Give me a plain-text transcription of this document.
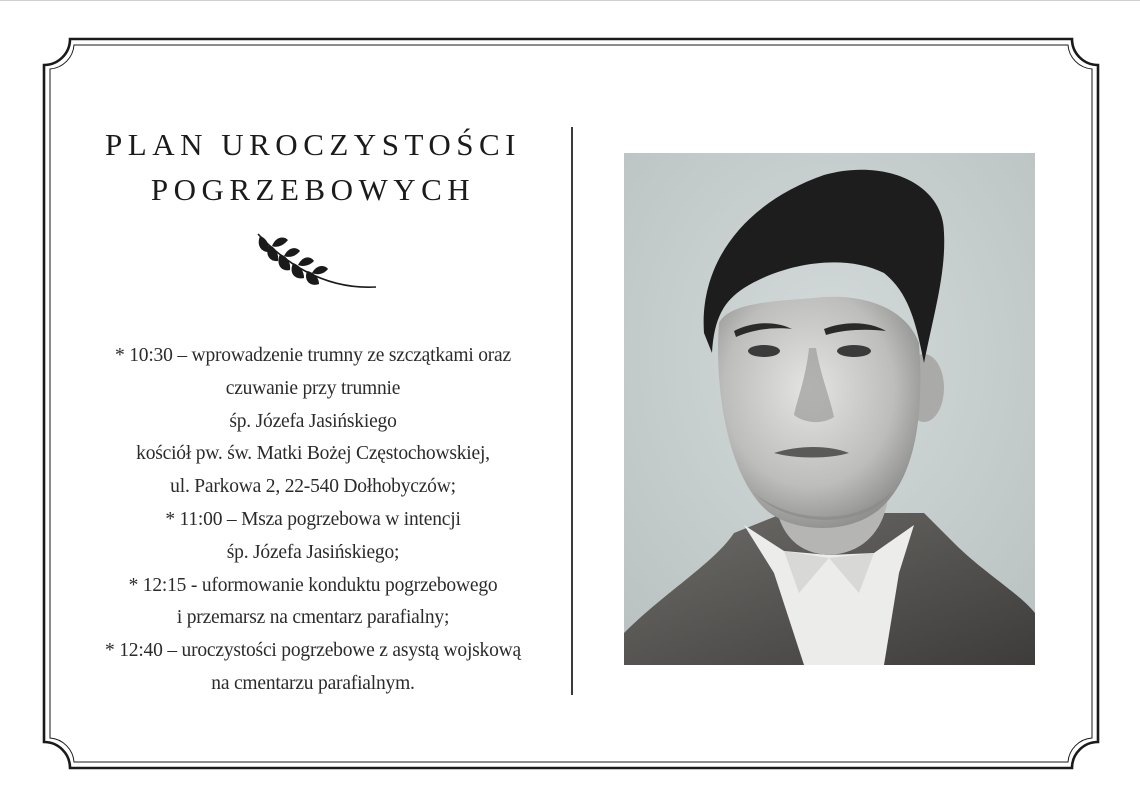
PLAN UROCZYSTOŚCI
POGRZEBOWYCH
* 10:30 – wprowadzenie trumny ze szczątkami oraz
czuwanie przy trumnie
śp. Józefa Jasińskiego
kościół pw. św. Matki Bożej Częstochowskiej,
ul. Parkowa 2, 22-540 Dołhobyczów;
* 11:00 – Msza pogrzebowa w intencji
śp. Józefa Jasińskiego;
* 12:15 - uformowanie konduktu pogrzebowego
i przemarsz na cmentarz parafialny;
* 12:40 – uroczystości pogrzebowe z asystą wojskową
na cmentarzu parafialnym.
